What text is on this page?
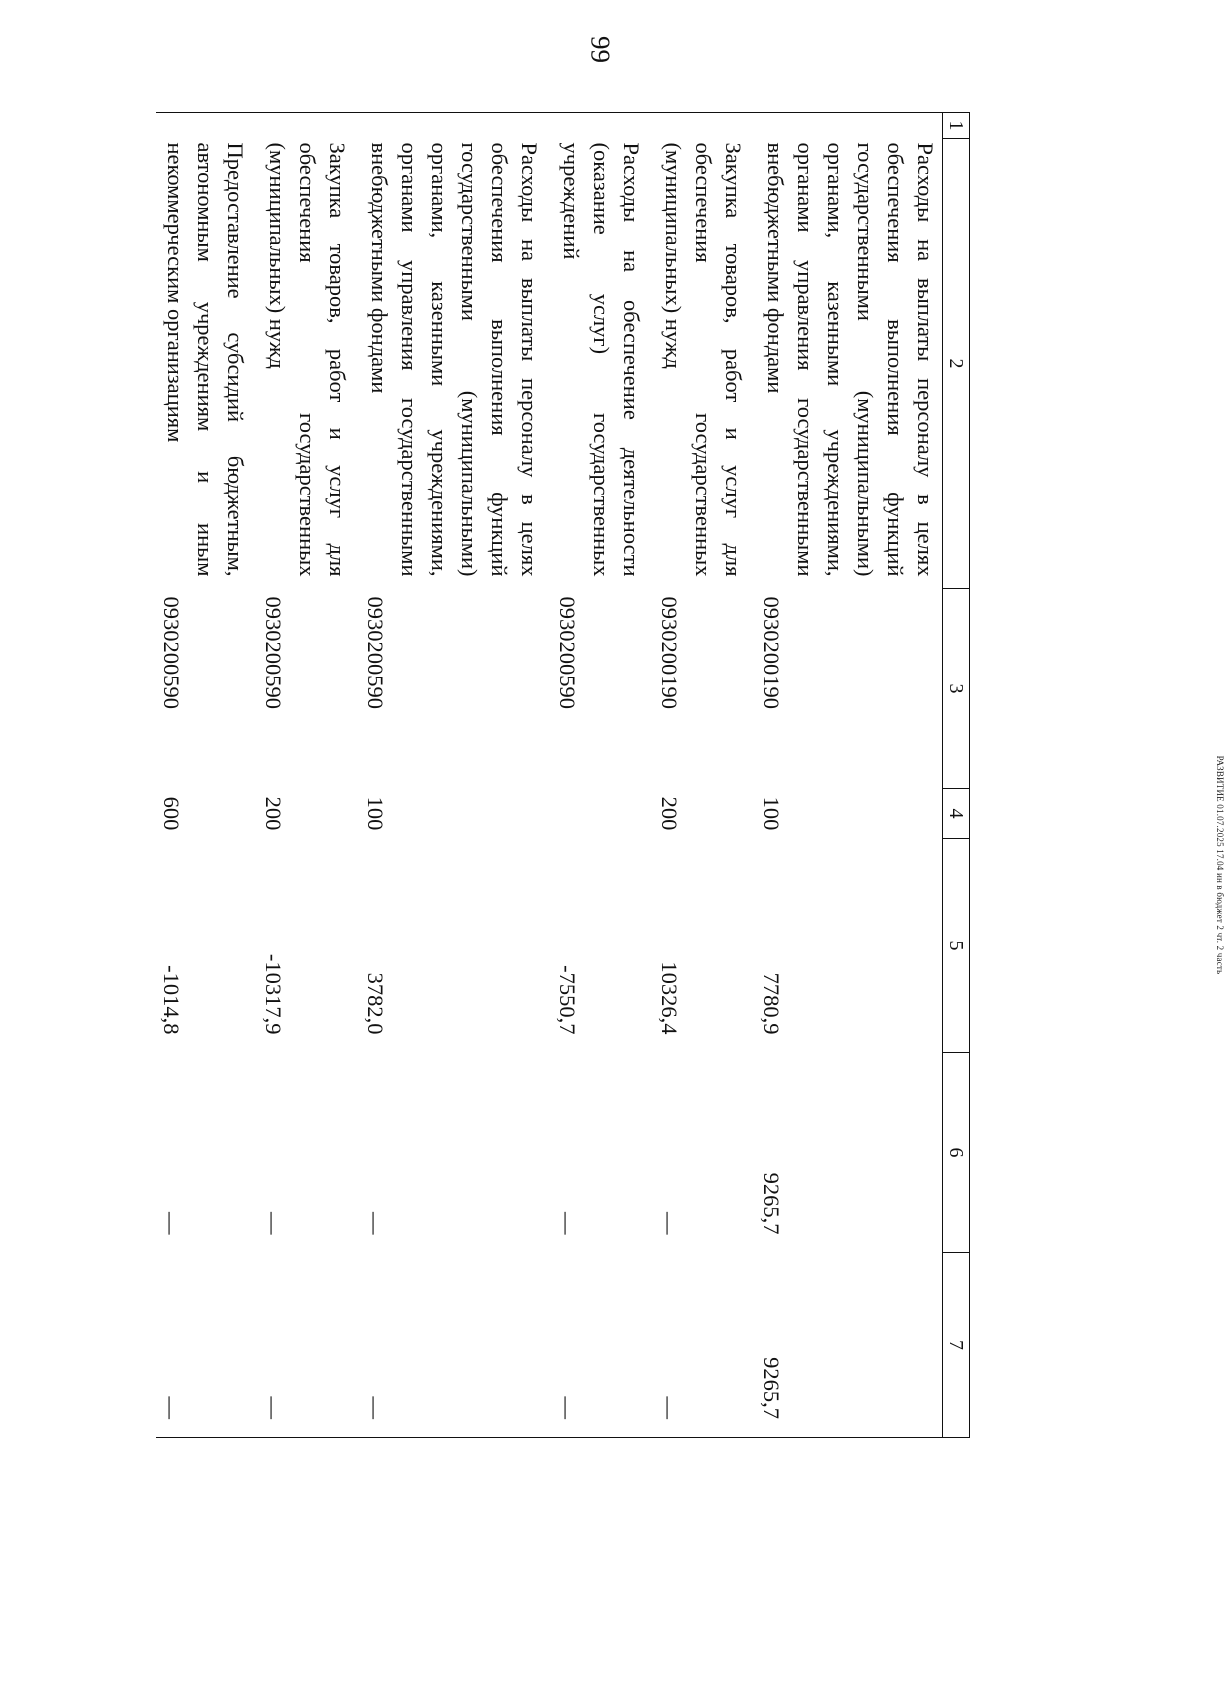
99
1	2	3	4	5	6	7
	Расходы на выплаты персоналу в целях обеспечения выполнения функций государственными (муниципальными) органами, казенными учреждениями, органами управления государственными внебюджетными фондами	0930200190	100	7780,9	9265,7	9265,7
	Закупка товаров, работ и услуг для обеспечения государственных (муниципальных) нужд	0930200190	200	10326,4	—	—
	Расходы на обеспечение деятельности (оказание услуг) государственных учреждений	0930200590		-7550,7	—	—
	Расходы на выплаты персоналу в целях обеспечения выполнения функций государственными (муниципальными) органами, казенными учреждениями, органами управления государственными внебюджетными фондами	0930200590	100	3782,0	—	—
	Закупка товаров, работ и услуг для обеспечения государственных (муниципальных) нужд	0930200590	200	-10317,9	—	—
	Предоставление субсидий бюджетным, автономным учреждениям и иным некоммерческим организациям	0930200590	600	-1014,8	—	—
РАЗВИТИЕ 01.07.2025 17.04 ин в бюджет 2 чт. 2 часть
